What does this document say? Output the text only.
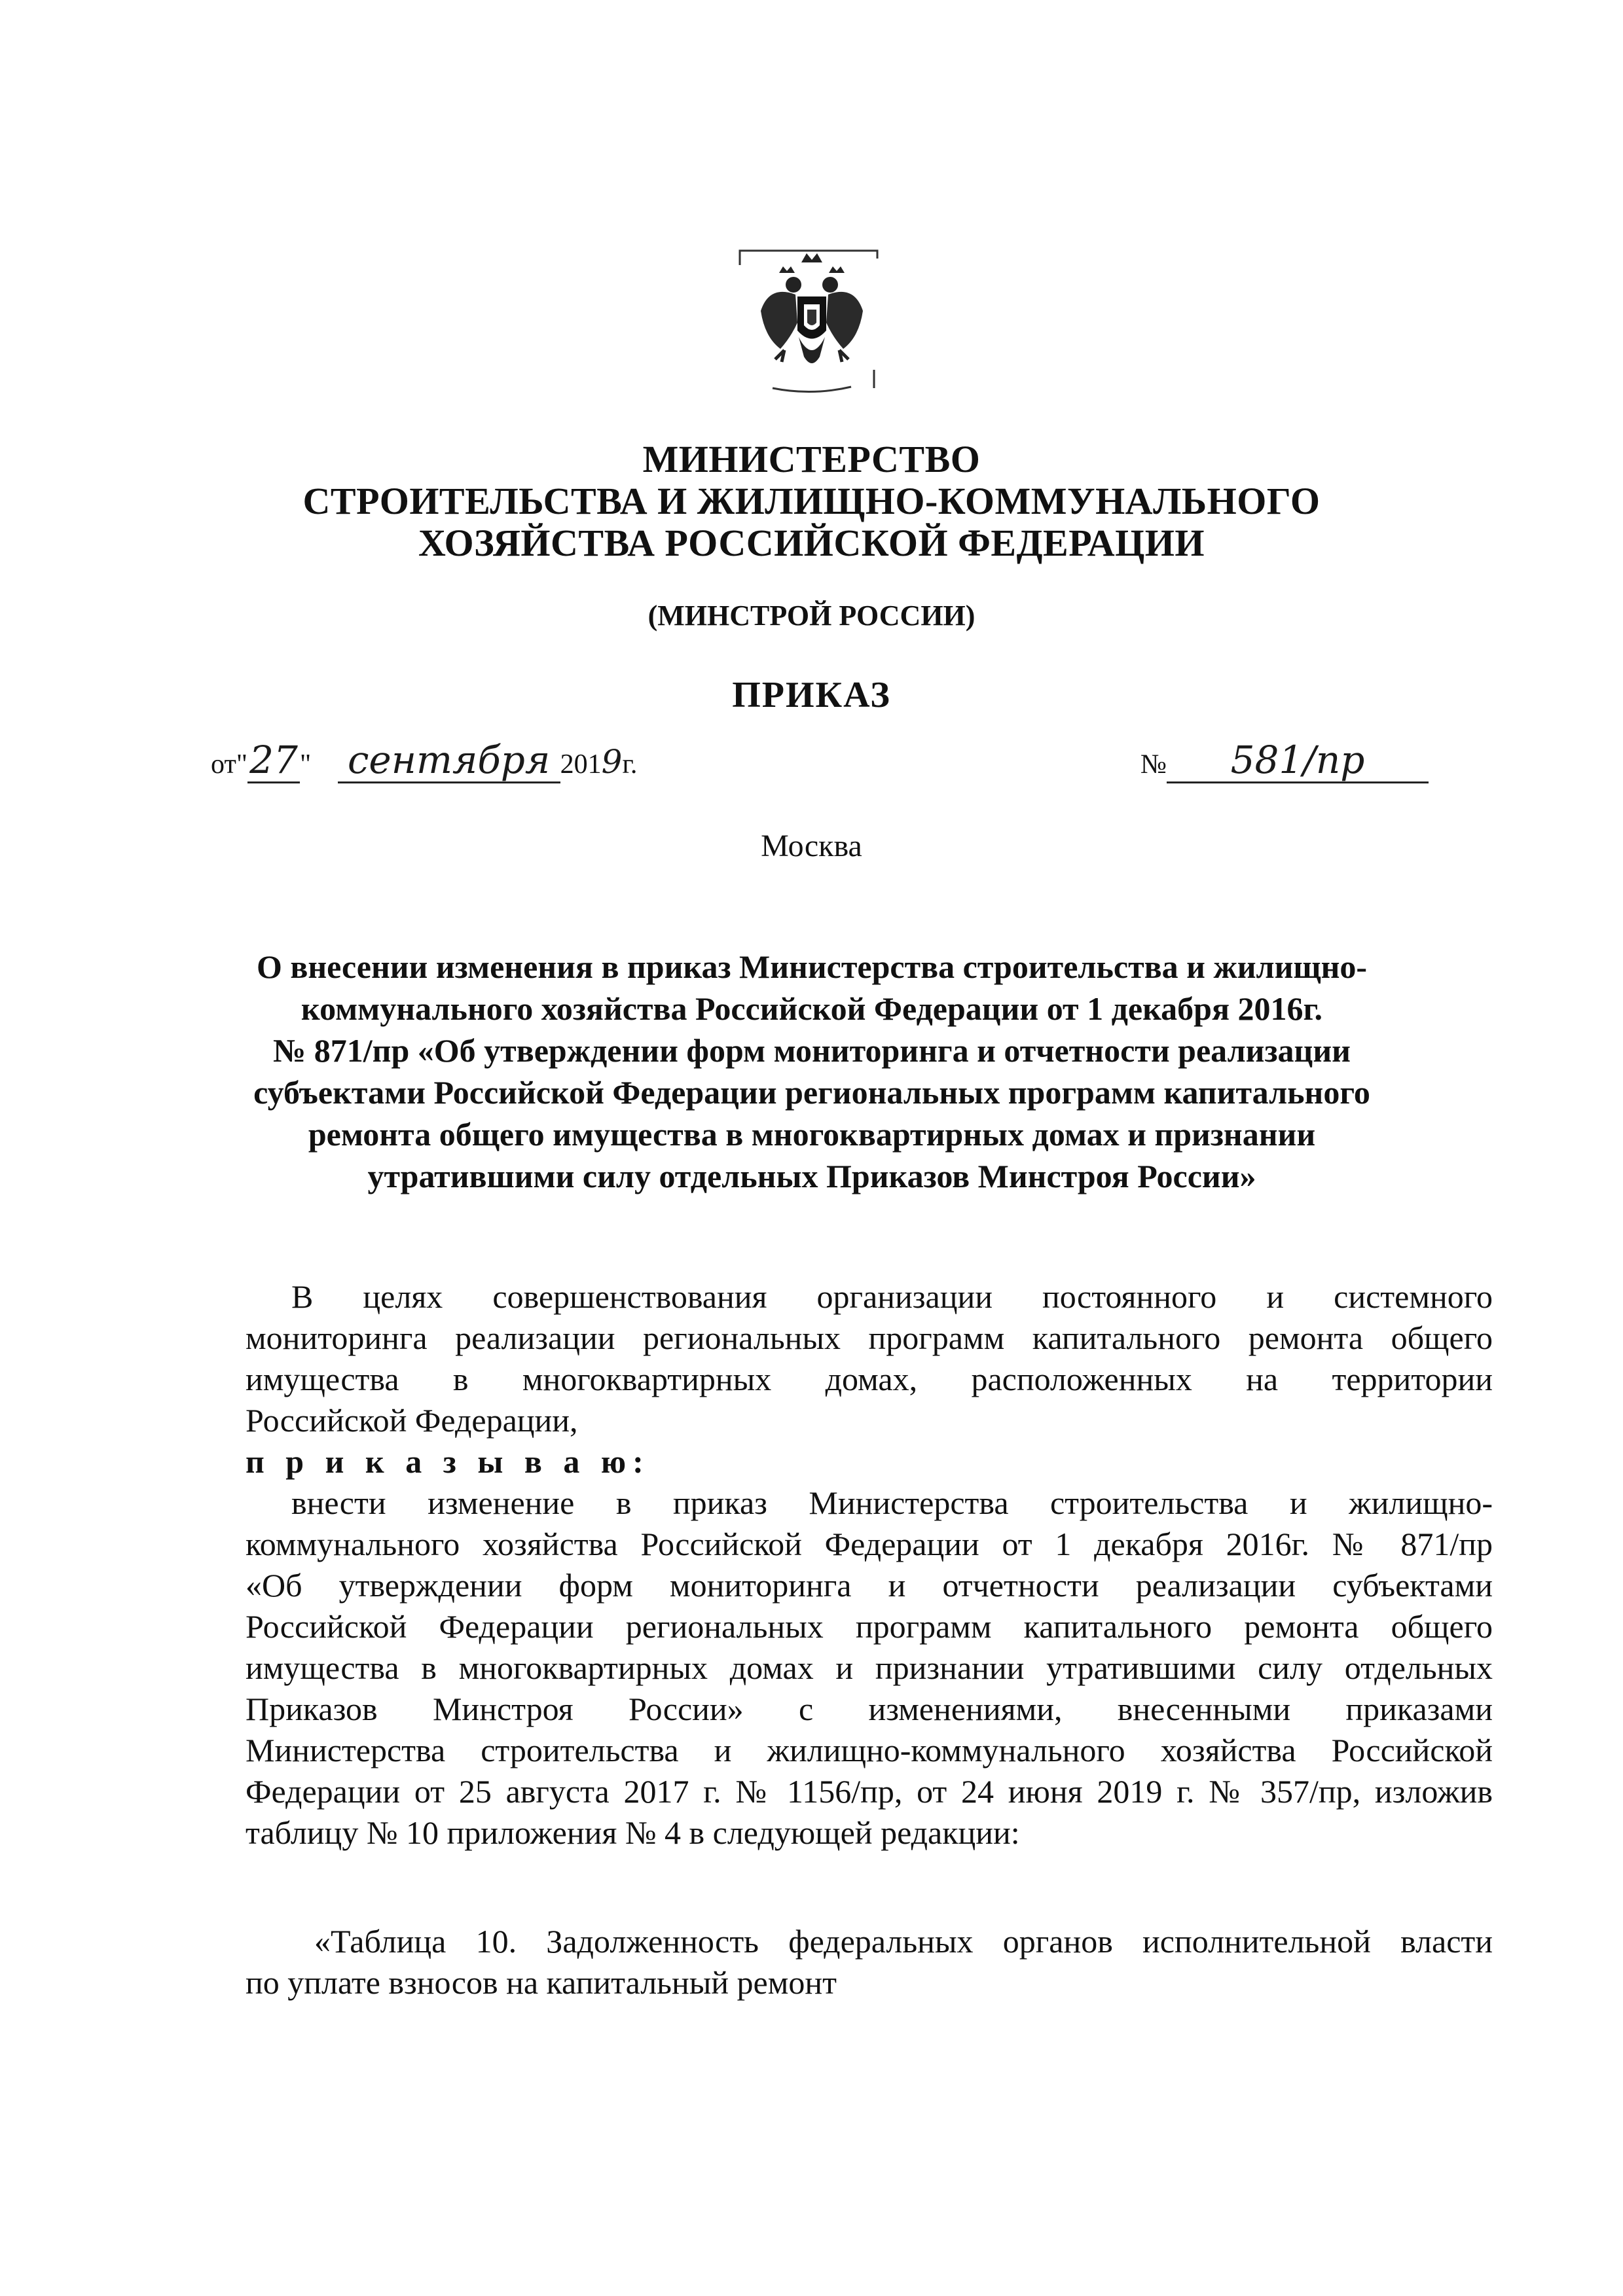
МИНИСТЕРСТВО
СТРОИТЕЛЬСТВА И ЖИЛИЩНО-КОММУНАЛЬНОГО
ХОЗЯЙСТВА РОССИЙСКОЙ ФЕДЕРАЦИИ
(МИНСТРОЙ РОССИИ)
ПРИКАЗ
от"27" сентября 2019г.	№ 581/пр
Москва
О внесении изменения в приказ Министерства строительства и жилищно-
коммунального хозяйства Российской Федерации от 1 декабря 2016г.
№ 871/пр «Об утверждении форм мониторинга и отчетности реализации
субъектами Российской Федерации региональных программ капитального
ремонта общего имущества в многоквартирных домах и признании
утратившими силу отдельных Приказов Минстроя России»
В целях совершенствования организации постоянного и системного
мониторинга реализации региональных программ капитального ремонта общего
имущества в многоквартирных домах, расположенных на территории
Российской Федерации,
п р и к а з ы в а ю:
внести изменение в приказ Министерства строительства и жилищно-
коммунального хозяйства Российской Федерации от 1 декабря 2016г. № 871/пр
«Об утверждении форм мониторинга и отчетности реализации субъектами
Российской Федерации региональных программ капитального ремонта общего
имущества в многоквартирных домах и признании утратившими силу отдельных
Приказов Минстроя России» с изменениями, внесенными приказами
Министерства строительства и жилищно-коммунального хозяйства Российской
Федерации от 25 августа 2017 г. № 1156/пр, от 24 июня 2019 г. № 357/пр, изложив
таблицу № 10 приложения № 4 в следующей редакции:
«Таблица 10. Задолженность федеральных органов исполнительной власти
по уплате взносов на капитальный ремонт
